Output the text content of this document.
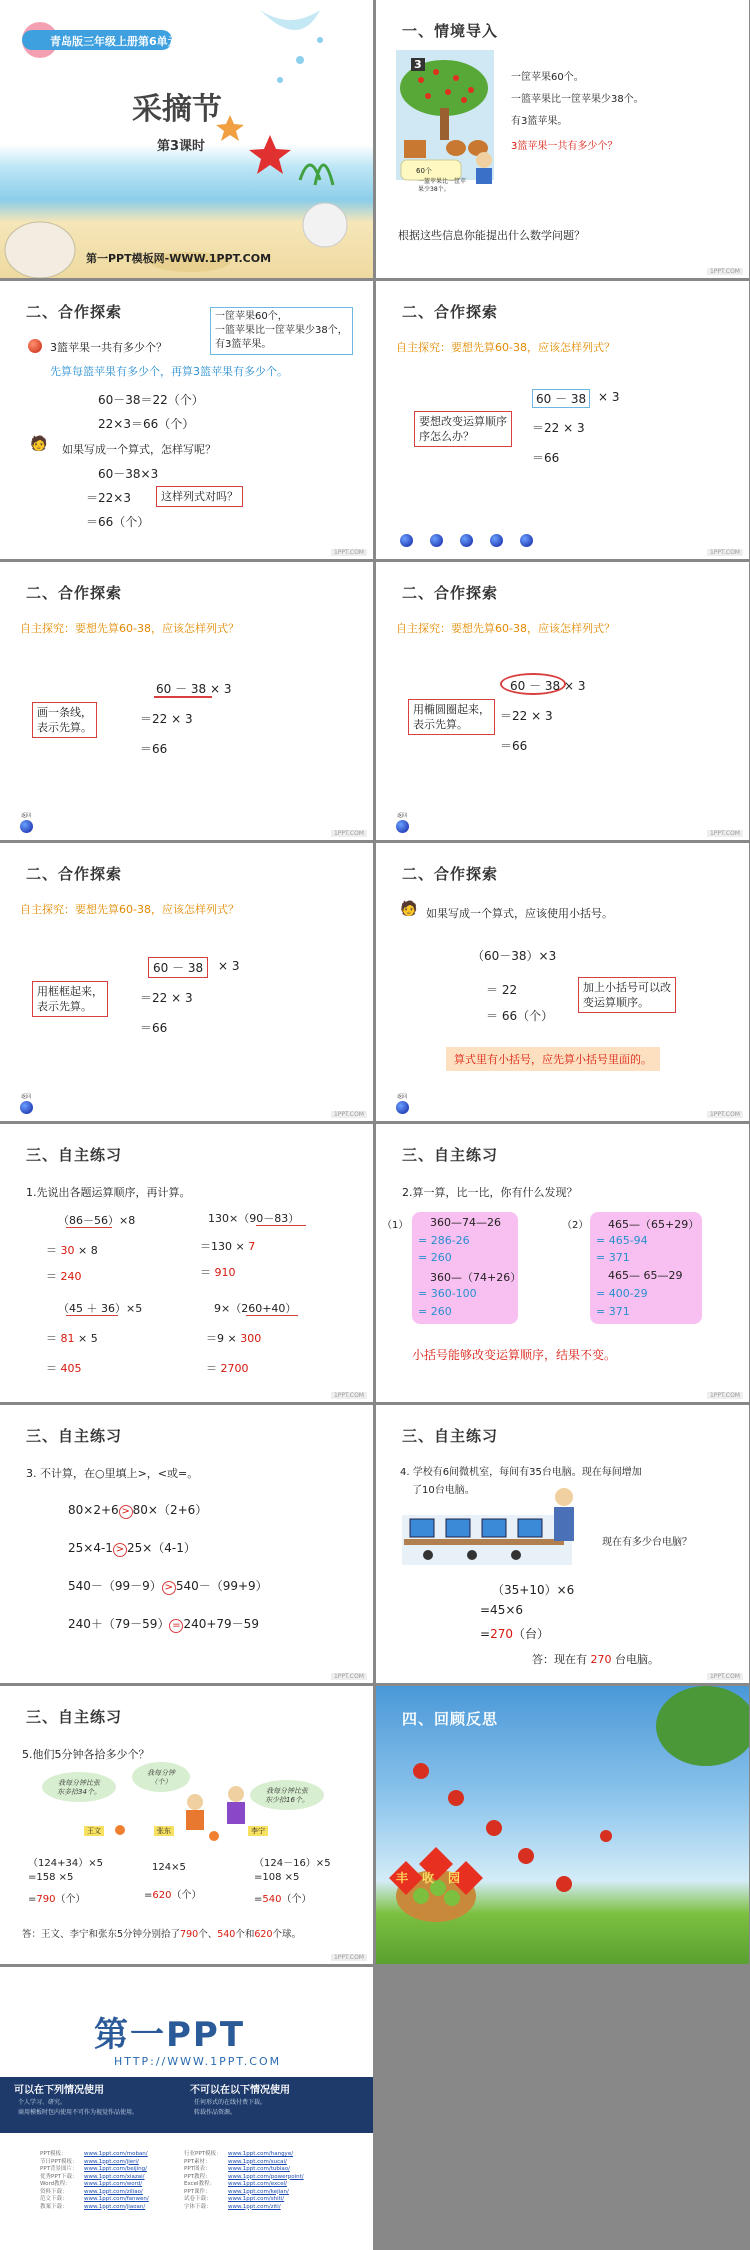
青岛版三年级上册第6单元
采摘节
第3课时
第一PPT模板网-WWW.1PPT.COM
一、情境导入
3
60个
一篮苹果比一筐苹果少38个。
一筐苹果60个。
一篮苹果比一筐苹果少38个。
有3篮苹果。
3篮苹果一共有多少个？
根据这些信息你能提出什么数学问题？
1PPT.COM
二、合作探索
3篮苹果一共有多少个？
一筐苹果60个，
一篮苹果比一筐苹果少38个，
有3篮苹果。
先算每篮苹果有多少个，再算3篮苹果有多少个。
60－38＝22（个）
22×3＝66（个）
🧑 如果写成一个算式，怎样写呢？
60－38×3
＝22×3
＝66（个）
这样列式对吗？
1PPT.COM
二、合作探索
自主探究：要想先算60-38，应该怎样列式？
60 － 38 × 3
＝22 × 3
＝66
要想改变运算顺序
序怎么办？
1PPT.COM
二、合作探索
自主探究：要想先算60-38，应该怎样列式？
60 － 38 × 3
＝22 × 3
＝66
画一条线，
表示先算。
返回
1PPT.COM
二、合作探索
自主探究：要想先算60-38，应该怎样列式？
60 － 38 × 3
＝22 × 3
＝66
用椭圆圈起来，
表示先算。
返回
1PPT.COM
二、合作探索
自主探究：要想先算60-38，应该怎样列式？
60 － 38	× 3
＝22 × 3
＝66
用框框起来，
表示先算。
返回
1PPT.COM
二、合作探索
🧑 如果写成一个算式，应该使用小括号。
（60－38）×3
＝ 22
＝ 66（个）
加上小括号可以改
变运算顺序。
算式里有小括号，应先算小括号里面的。
返回
1PPT.COM
三、自主练习
1.先说出各题运算顺序，再计算。
（86－56）×8
＝ 30 × 8
＝ 240
130×（90－83）
＝130 × 7
＝ 910
（45 ＋ 36）×5
＝ 81 × 5
＝ 405
9×（260+40）
＝9 × 300
＝ 2700
1PPT.COM
三、自主练习
2.算一算，比一比，你有什么发现？
（1）	（2）
360—74—26
= 286-26
= 260
360—（74+26）
= 360-100
= 260
465—（65+29）
= 465-94
= 371
465— 65—29
= 400-29
= 371
小括号能够改变运算顺序，结果不变。
1PPT.COM
三、自主练习
3. 不计算，在○里填上>，<或=。
80×2+6 > 80×（2+6）
25×4-1 > 25×（4-1）
540－（99－9） > 540－（99+9）
240＋（79－59） = 240+79－59
1PPT.COM
三、自主练习
4. 学校有6间微机室，每间有35台电脑。现在每间增加
了10台电脑。
现在有多少台电脑？
（35+10）×6
=45×6
=270（台）
答：现在有 270 台电脑。
1PPT.COM
三、自主练习
5.他们5分钟各拾多少个？
我每分钟比张
东多拾34个。
我每分钟
（个）
我每分钟比张
东少拾16个。
王文	张东	李宁
（124+34）×5
=158 ×5
=790（个）
124×5
=620（个）
（124－16）×5
=108 ×5
=540（个）
答：王文、李宁和张东5分钟分别拾了790个、540个和620个球。
1PPT.COM
四、回顾反思
丰收园
第一PPT
HTTP://WWW.1PPT.COM
可以在下列情况使用
个人学习、研究。
商用模板时包内使用不可作为视觉作品使用。
不可以在以下情况使用
任何形式的在线付费下载。
转载作品资源。
PPT模板：	www.1ppt.com/moban/	行业PPT模板：	www.1ppt.com/hangye/
节日PPT模板：	www.1ppt.com/jieri/	PPT素材：	www.1ppt.com/sucai/
PPT背景图片：	www.1ppt.com/beijing/	PPT图表：	www.1ppt.com/tubiao/
优秀PPT下载：	www.1ppt.com/xiazai/	PPT教程：	www.1ppt.com/powerpoint/
Word教程：	www.1ppt.com/word/	Excel教程：	www.1ppt.com/excel/
资料下载：	www.1ppt.com/ziliao/	PPT课件：	www.1ppt.com/kejian/
范文下载：	www.1ppt.com/fanwen/	试卷下载：	www.1ppt.com/shiti/
教案下载：	www.1ppt.com/jiaoan/	字体下载：	www.1ppt.com/ziti/
